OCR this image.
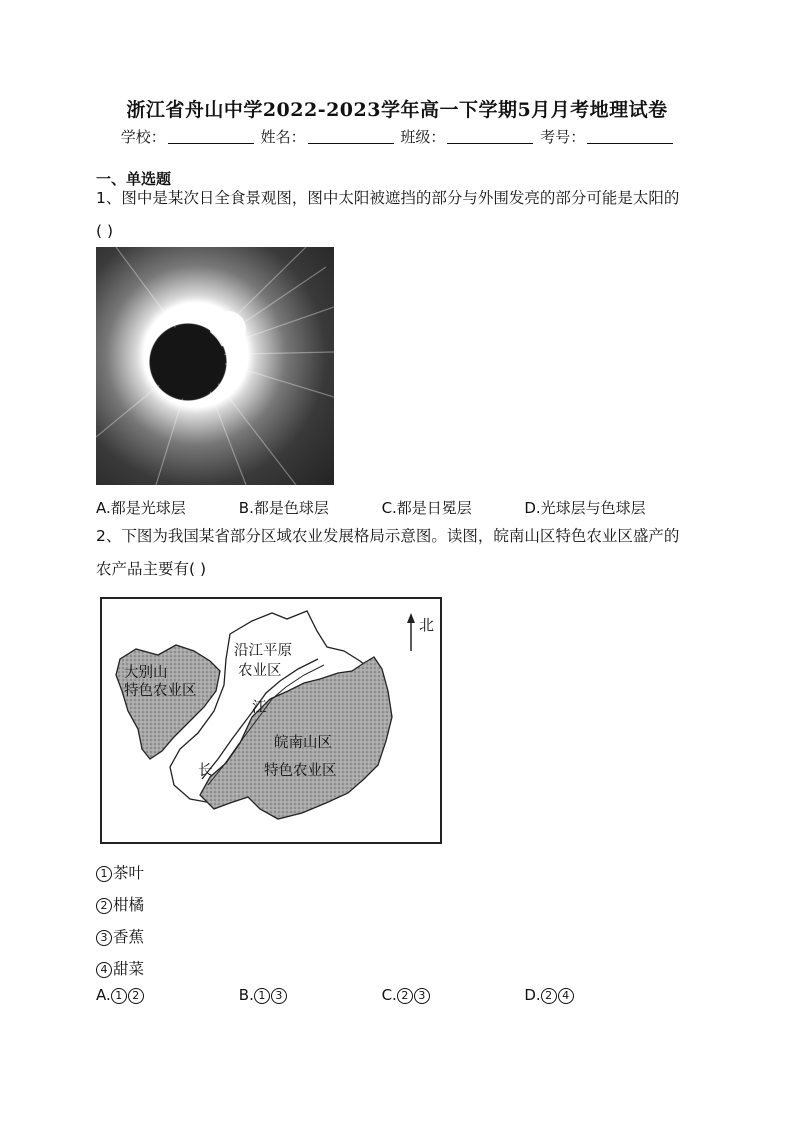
浙江省舟山中学2022-2023学年高一下学期5月月考地理试卷
学校：	姓名：	班级：	考号：
一、单选题
1、图中是某次日全食景观图，图中太阳被遮挡的部分与外围发亮的部分可能是太阳的
( )
A.都是光球层	B.都是色球层	C.都是日冕层	D.光球层与色球层
2、下图为我国某省部分区域农业发展格局示意图。读图，皖南山区特色农业区盛产的
农产品主要有( )
北
大别山
特色农业区
沿江平原
农业区
江
长
皖南山区
特色农业区
1 茶叶
2 柑橘
3 香蕉
4 甜菜
A. 1 2	B. 1 3	C. 2 3	D. 2 4
